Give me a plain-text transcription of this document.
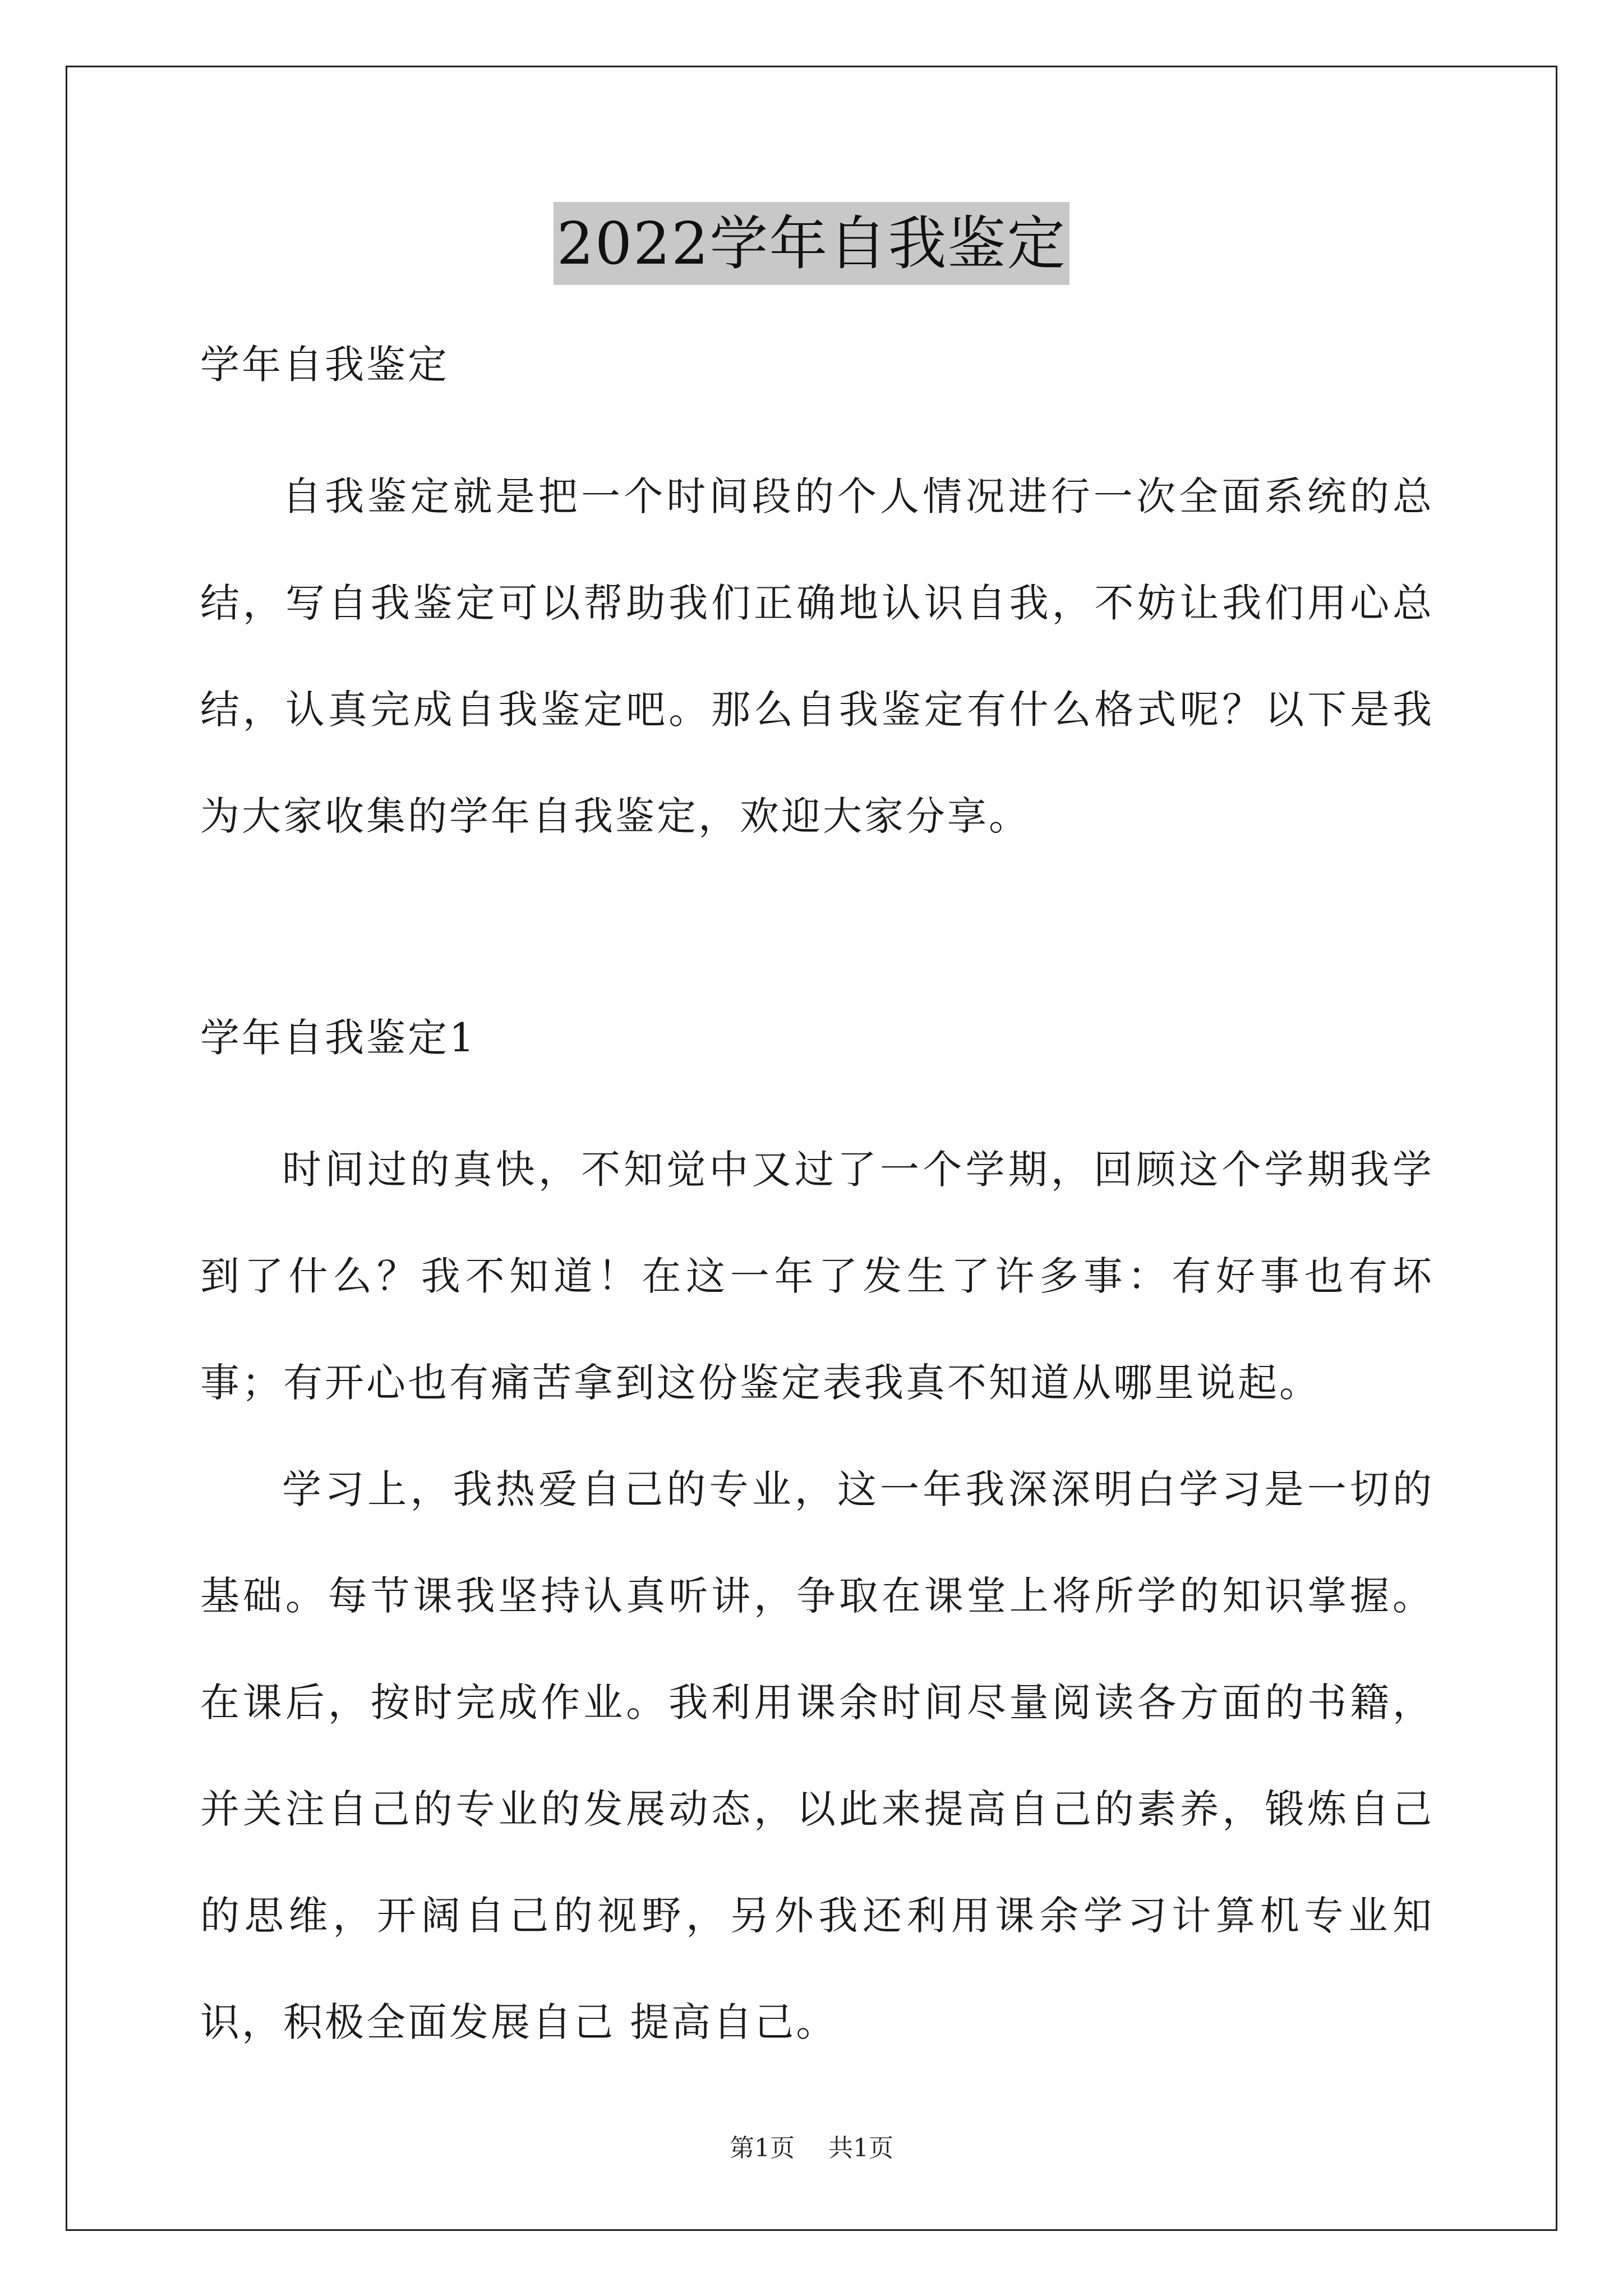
2022学年自我鉴定

学年自我鉴定

自我鉴定就是把一个时间段的个人情况进行一次全面系统的总结，写自我鉴定可以帮助我们正确地认识自我，不妨让我们用心总结，认真完成自我鉴定吧。那么自我鉴定有什么格式呢？以下是我为大家收集的学年自我鉴定，欢迎大家分享。

学年自我鉴定1

时间过的真快，不知觉中又过了一个学期，回顾这个学期我学到了什么？我不知道！在这一年了发生了许多事：有好事也有坏事；有开心也有痛苦拿到这份鉴定表我真不知道从哪里说起。

学习上，我热爱自己的专业，这一年我深深明白学习是一切的基础。每节课我坚持认真听讲，争取在课堂上将所学的知识掌握。在课后，按时完成作业。我利用课余时间尽量阅读各方面的书籍，并关注自己的专业的发展动态，以此来提高自己的素养，锻炼自己的思维，开阔自己的视野，另外我还利用课余学习计算机专业知识，积极全面发展自己 提高自己。

第1页 共1页
